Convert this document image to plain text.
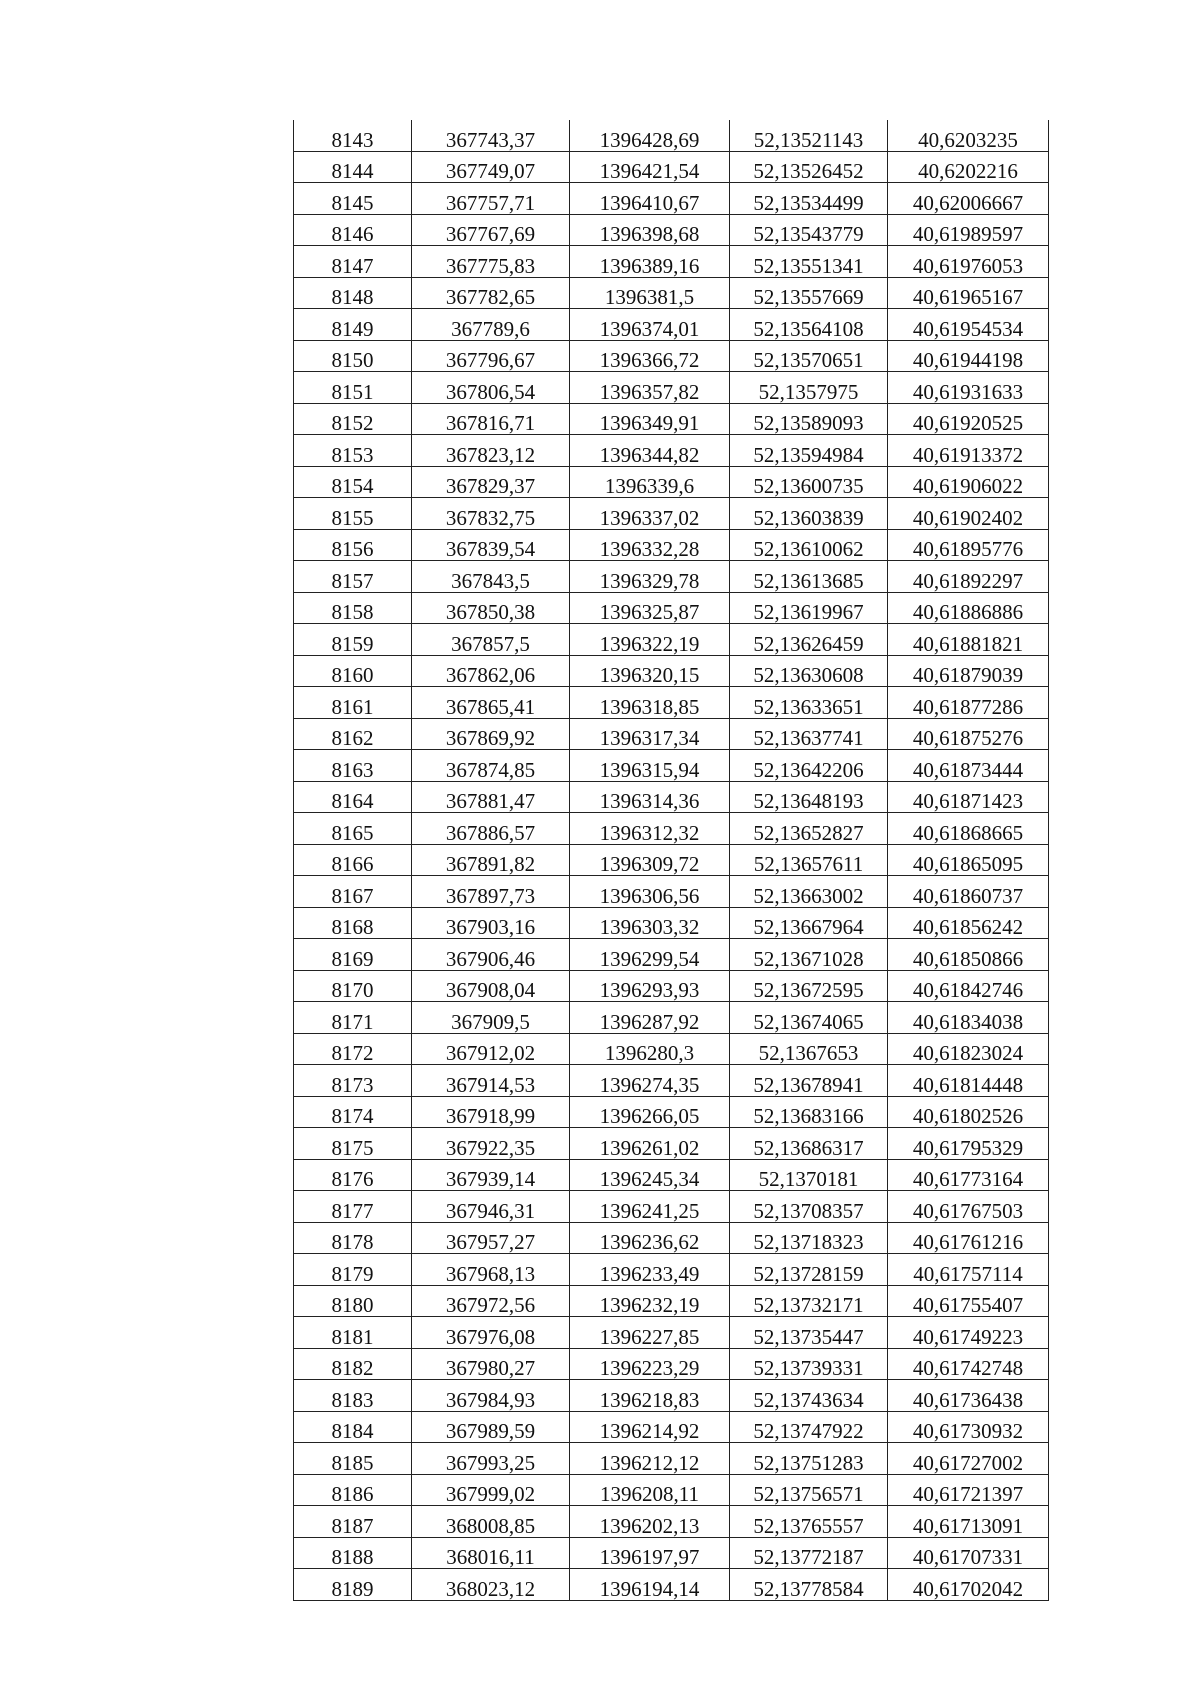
8143	367743,37	1396428,69	52,13521143	40,6203235
8144	367749,07	1396421,54	52,13526452	40,6202216
8145	367757,71	1396410,67	52,13534499	40,62006667
8146	367767,69	1396398,68	52,13543779	40,61989597
8147	367775,83	1396389,16	52,13551341	40,61976053
8148	367782,65	1396381,5	52,13557669	40,61965167
8149	367789,6	1396374,01	52,13564108	40,61954534
8150	367796,67	1396366,72	52,13570651	40,61944198
8151	367806,54	1396357,82	52,1357975	40,61931633
8152	367816,71	1396349,91	52,13589093	40,61920525
8153	367823,12	1396344,82	52,13594984	40,61913372
8154	367829,37	1396339,6	52,13600735	40,61906022
8155	367832,75	1396337,02	52,13603839	40,61902402
8156	367839,54	1396332,28	52,13610062	40,61895776
8157	367843,5	1396329,78	52,13613685	40,61892297
8158	367850,38	1396325,87	52,13619967	40,61886886
8159	367857,5	1396322,19	52,13626459	40,61881821
8160	367862,06	1396320,15	52,13630608	40,61879039
8161	367865,41	1396318,85	52,13633651	40,61877286
8162	367869,92	1396317,34	52,13637741	40,61875276
8163	367874,85	1396315,94	52,13642206	40,61873444
8164	367881,47	1396314,36	52,13648193	40,61871423
8165	367886,57	1396312,32	52,13652827	40,61868665
8166	367891,82	1396309,72	52,13657611	40,61865095
8167	367897,73	1396306,56	52,13663002	40,61860737
8168	367903,16	1396303,32	52,13667964	40,61856242
8169	367906,46	1396299,54	52,13671028	40,61850866
8170	367908,04	1396293,93	52,13672595	40,61842746
8171	367909,5	1396287,92	52,13674065	40,61834038
8172	367912,02	1396280,3	52,1367653	40,61823024
8173	367914,53	1396274,35	52,13678941	40,61814448
8174	367918,99	1396266,05	52,13683166	40,61802526
8175	367922,35	1396261,02	52,13686317	40,61795329
8176	367939,14	1396245,34	52,1370181	40,61773164
8177	367946,31	1396241,25	52,13708357	40,61767503
8178	367957,27	1396236,62	52,13718323	40,61761216
8179	367968,13	1396233,49	52,13728159	40,61757114
8180	367972,56	1396232,19	52,13732171	40,61755407
8181	367976,08	1396227,85	52,13735447	40,61749223
8182	367980,27	1396223,29	52,13739331	40,61742748
8183	367984,93	1396218,83	52,13743634	40,61736438
8184	367989,59	1396214,92	52,13747922	40,61730932
8185	367993,25	1396212,12	52,13751283	40,61727002
8186	367999,02	1396208,11	52,13756571	40,61721397
8187	368008,85	1396202,13	52,13765557	40,61713091
8188	368016,11	1396197,97	52,13772187	40,61707331
8189	368023,12	1396194,14	52,13778584	40,61702042
